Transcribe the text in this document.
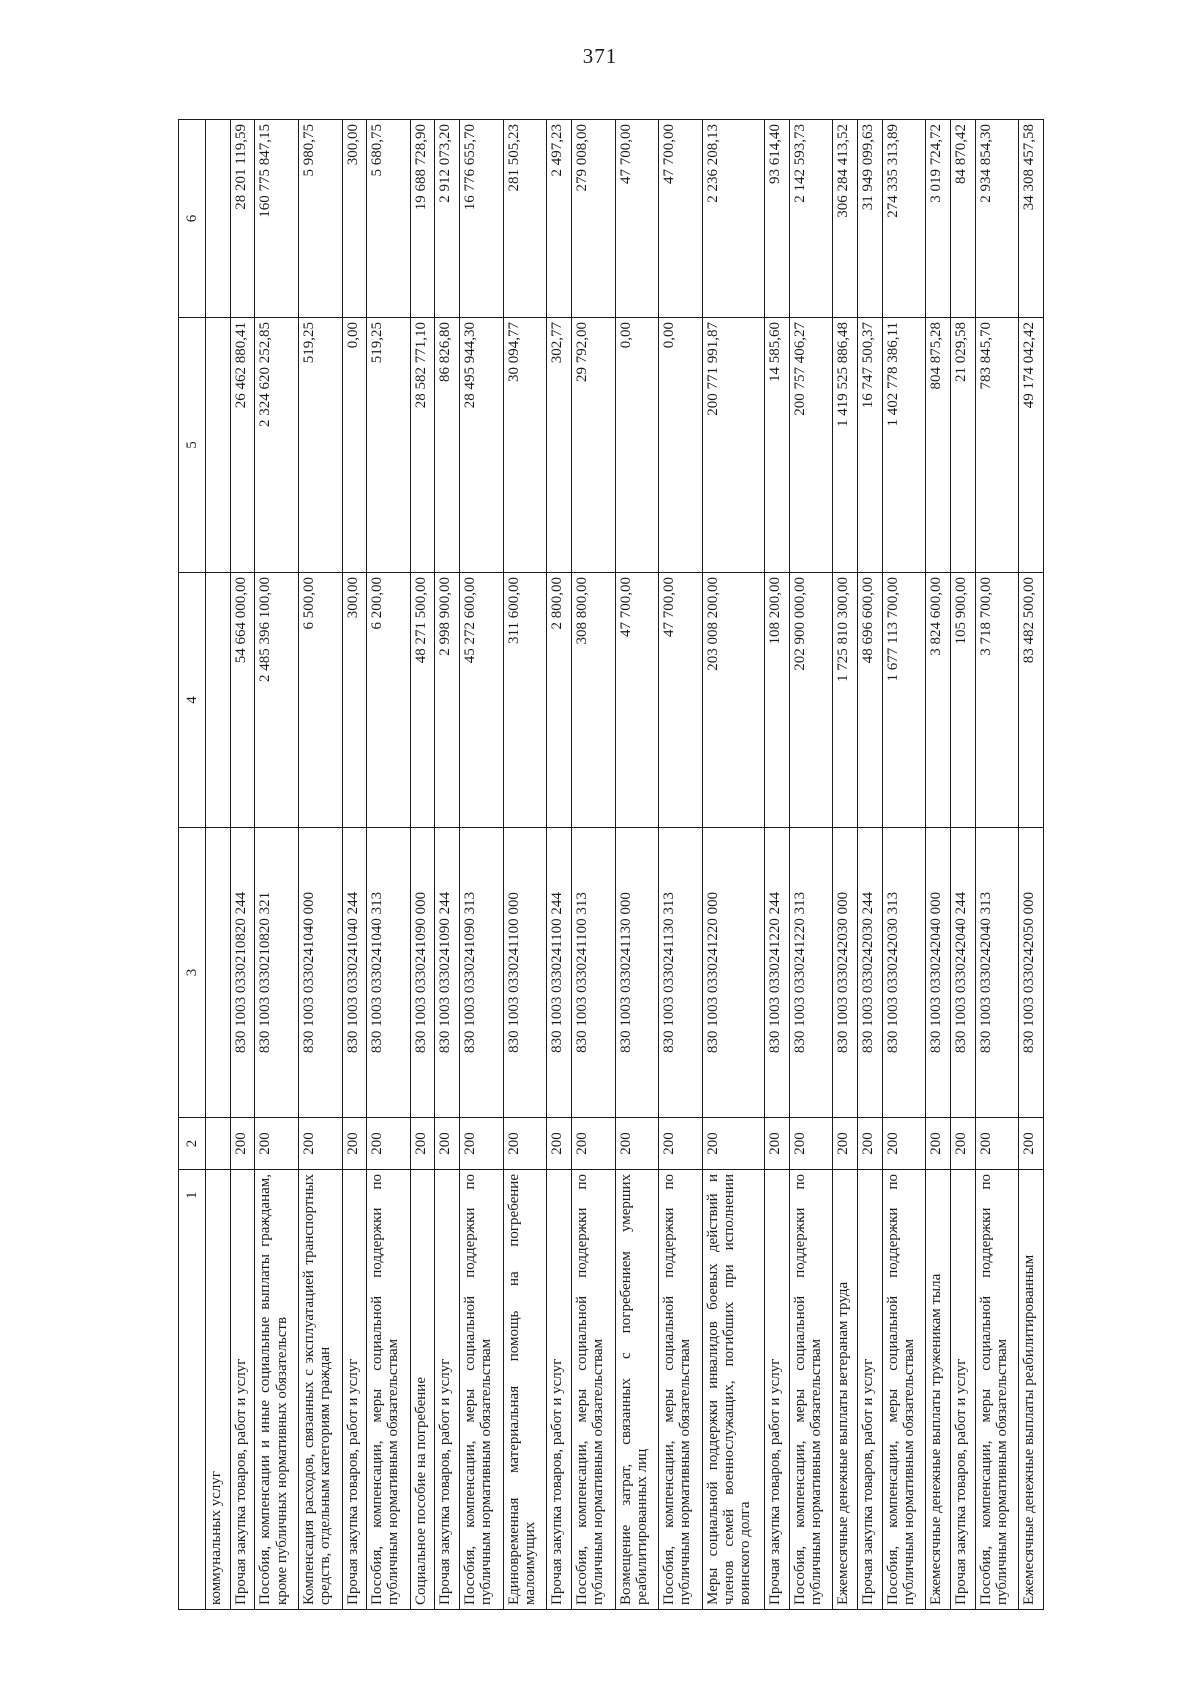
371
1	2	3	4	5	6
коммунальных услуг					
Прочая закупка товаров, работ и услуг	200	830 1003 0330210820 244	54 664 000,00	26 462 880,41	28 201 119,59
Пособия, компенсации и иные социальные выплаты гражданам, кроме публичных нормативных обязательств	200	830 1003 0330210820 321	2 485 396 100,00	2 324 620 252,85	160 775 847,15
Компенсация расходов, связанных с эксплуатацией транспортных средств, отдельным категориям граждан	200	830 1003 0330241040 000	6 500,00	519,25	5 980,75
Прочая закупка товаров, работ и услуг	200	830 1003 0330241040 244	300,00	0,00	300,00
Пособия, компенсации, меры социальной поддержки по публичным нормативным обязательствам	200	830 1003 0330241040 313	6 200,00	519,25	5 680,75
Социальное пособие на погребение	200	830 1003 0330241090 000	48 271 500,00	28 582 771,10	19 688 728,90
Прочая закупка товаров, работ и услуг	200	830 1003 0330241090 244	2 998 900,00	86 826,80	2 912 073,20
Пособия, компенсации, меры социальной поддержки по публичным нормативным обязательствам	200	830 1003 0330241090 313	45 272 600,00	28 495 944,30	16 776 655,70
Единовременная материальная помощь на погребение малоимущих	200	830 1003 0330241100 000	311 600,00	30 094,77	281 505,23
Прочая закупка товаров, работ и услуг	200	830 1003 0330241100 244	2 800,00	302,77	2 497,23
Пособия, компенсации, меры социальной поддержки по публичным нормативным обязательствам	200	830 1003 0330241100 313	308 800,00	29 792,00	279 008,00
Возмещение затрат, связанных с погребением умерших реабилитированных лиц	200	830 1003 0330241130 000	47 700,00	0,00	47 700,00
Пособия, компенсации, меры социальной поддержки по публичным нормативным обязательствам	200	830 1003 0330241130 313	47 700,00	0,00	47 700,00
Меры социальной поддержки инвалидов боевых действий и членов семей военнослужащих, погибших при исполнении воинского долга	200	830 1003 0330241220 000	203 008 200,00	200 771 991,87	2 236 208,13
Прочая закупка товаров, работ и услуг	200	830 1003 0330241220 244	108 200,00	14 585,60	93 614,40
Пособия, компенсации, меры социальной поддержки по публичным нормативным обязательствам	200	830 1003 0330241220 313	202 900 000,00	200 757 406,27	2 142 593,73
Ежемесячные денежные выплаты ветеранам труда	200	830 1003 0330242030 000	1 725 810 300,00	1 419 525 886,48	306 284 413,52
Прочая закупка товаров, работ и услуг	200	830 1003 0330242030 244	48 696 600,00	16 747 500,37	31 949 099,63
Пособия, компенсации, меры социальной поддержки по публичным нормативным обязательствам	200	830 1003 0330242030 313	1 677 113 700,00	1 402 778 386,11	274 335 313,89
Ежемесячные денежные выплаты труженикам тыла	200	830 1003 0330242040 000	3 824 600,00	804 875,28	3 019 724,72
Прочая закупка товаров, работ и услуг	200	830 1003 0330242040 244	105 900,00	21 029,58	84 870,42
Пособия, компенсации, меры социальной поддержки по публичным нормативным обязательствам	200	830 1003 0330242040 313	3 718 700,00	783 845,70	2 934 854,30
Ежемесячные денежные выплаты реабилитированным	200	830 1003 0330242050 000	83 482 500,00	49 174 042,42	34 308 457,58
